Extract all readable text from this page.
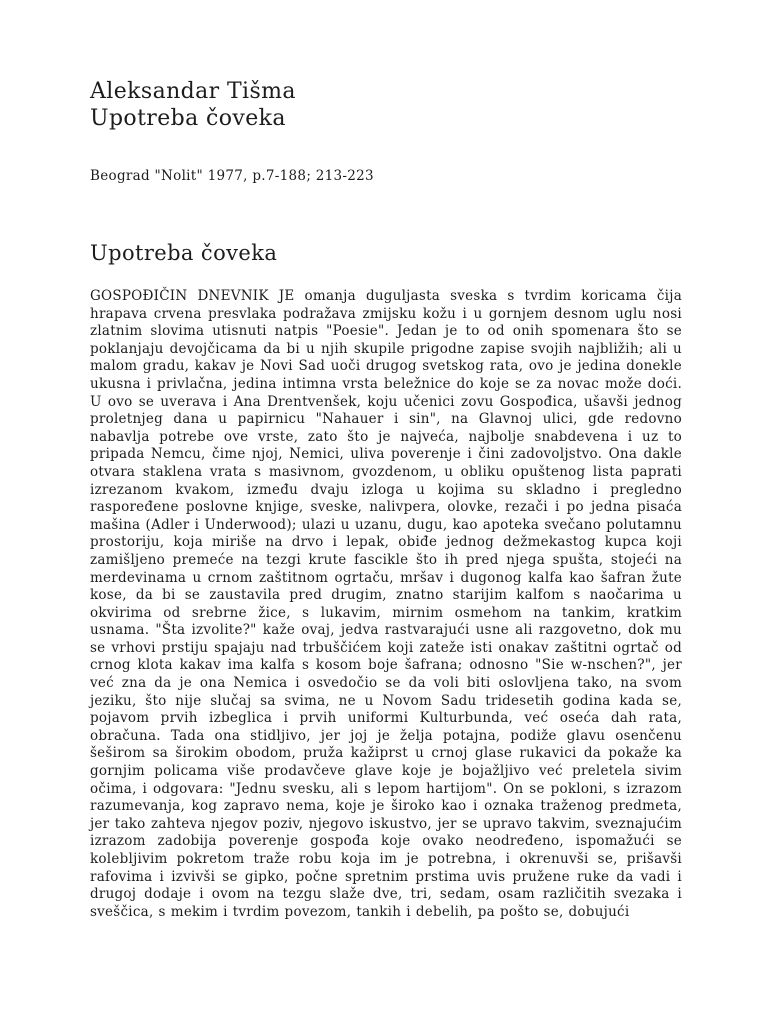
Aleksandar Tišma
Upotreba čoveka

Beograd "Nolit" 1977, p.7-188; 213-223

Upotreba čoveka

GOSPOĐIČIN DNEVNIK JE omanja duguljasta sveska s tvrdim koricama čija hrapava crvena presvlaka podražava zmijsku kožu i u gornjem desnom uglu nosi zlatnim slovima utisnuti natpis "Poesie". Jedan je to od onih spomenara što se poklanjaju devojčicama da bi u njih skupile prigodne zapise svojih najbližih; ali u malom gradu, kakav je Novi Sad uoči drugog svetskog rata, ovo je jedina donekle ukusna i privlačna, jedina intimna vrsta beležnice do koje se za novac može doći. U ovo se uverava i Ana Drentvenšek, koju učenici zovu Gospođica, ušavši jednog proletnjeg dana u papirnicu "Nahauer i sin", na Glavnoj ulici, gde redovno nabavlja potrebe ove vrste, zato što je najveća, najbolje snabdevena i uz to pripada Nemcu, čime njoj, Nemici, uliva poverenje i čini zadovoljstvo. Ona dakle otvara staklena vrata s masivnom, gvozdenom, u obliku opuštenog lista paprati izrezanom kvakom, između dvaju izloga u kojima su skladno i pregledno raspoređene poslovne knjige, sveske, nalivpera, olovke, rezači i po jedna pisaća mašina (Adler i Underwood); ulazi u uzanu, dugu, kao apoteka svečano polutamnu prostoriju, koja miriše na drvo i lepak, obiđe jednog dežmekastog kupca koji zamišljeno premeće na tezgi krute fascikle što ih pred njega spušta, stojeći na merdevinama u crnom zaštitnom ogrtaču, mršav i dugonog kalfa kao šafran žute kose, da bi se zaustavila pred drugim, znatno starijim kalfom s naočarima u okvirima od srebrne žice, s lukavim, mirnim osmehom na tankim, kratkim usnama. "Šta izvolite?" kaže ovaj, jedva rastvarajući usne ali razgovetno, dok mu se vrhovi prstiju spajaju nad trbuščićem koji zateže isti onakav zaštitni ogrtač od crnog klota kakav ima kalfa s kosom boje šafrana; odnosno "Sie w-nschen?", jer već zna da je ona Nemica i osvedočio se da voli biti oslovljena tako, na svom jeziku, što nije slučaj sa svima, ne u Novom Sadu tridesetih godina kada se, pojavom prvih izbeglica i prvih uniformi Kulturbunda, već oseća dah rata, obračuna. Tada ona stidljivo, jer joj je želja potajna, podiže glavu osenčenu šeširom sa širokim obodom, pruža kažiprst u crnoj glase rukavici da pokaže ka gornjim policama više prodavčeve glave koje je bojažljivo već preletela sivim očima, i odgovara: "Jednu svesku, ali s lepom hartijom". On se pokloni, s izrazom razumevanja, kog zapravo nema, koje je široko kao i oznaka traženog predmeta, jer tako zahteva njegov poziv, njegovo iskustvo, jer se upravo takvim, sveznajućim izrazom zadobija poverenje gospođa koje ovako neodređeno, ispomažući se kolebljivim pokretom traže robu koja im je potrebna, i okrenuvši se, prišavši rafovima i izvivši se gipko, počne spretnim prstima uvis pružene ruke da vadi i drugoj dodaje i ovom na tezgu slaže dve, tri, sedam, osam različitih svezaka i sveščica, s mekim i tvrdim povezom, tankih i debelih, pa pošto se, dobujući
